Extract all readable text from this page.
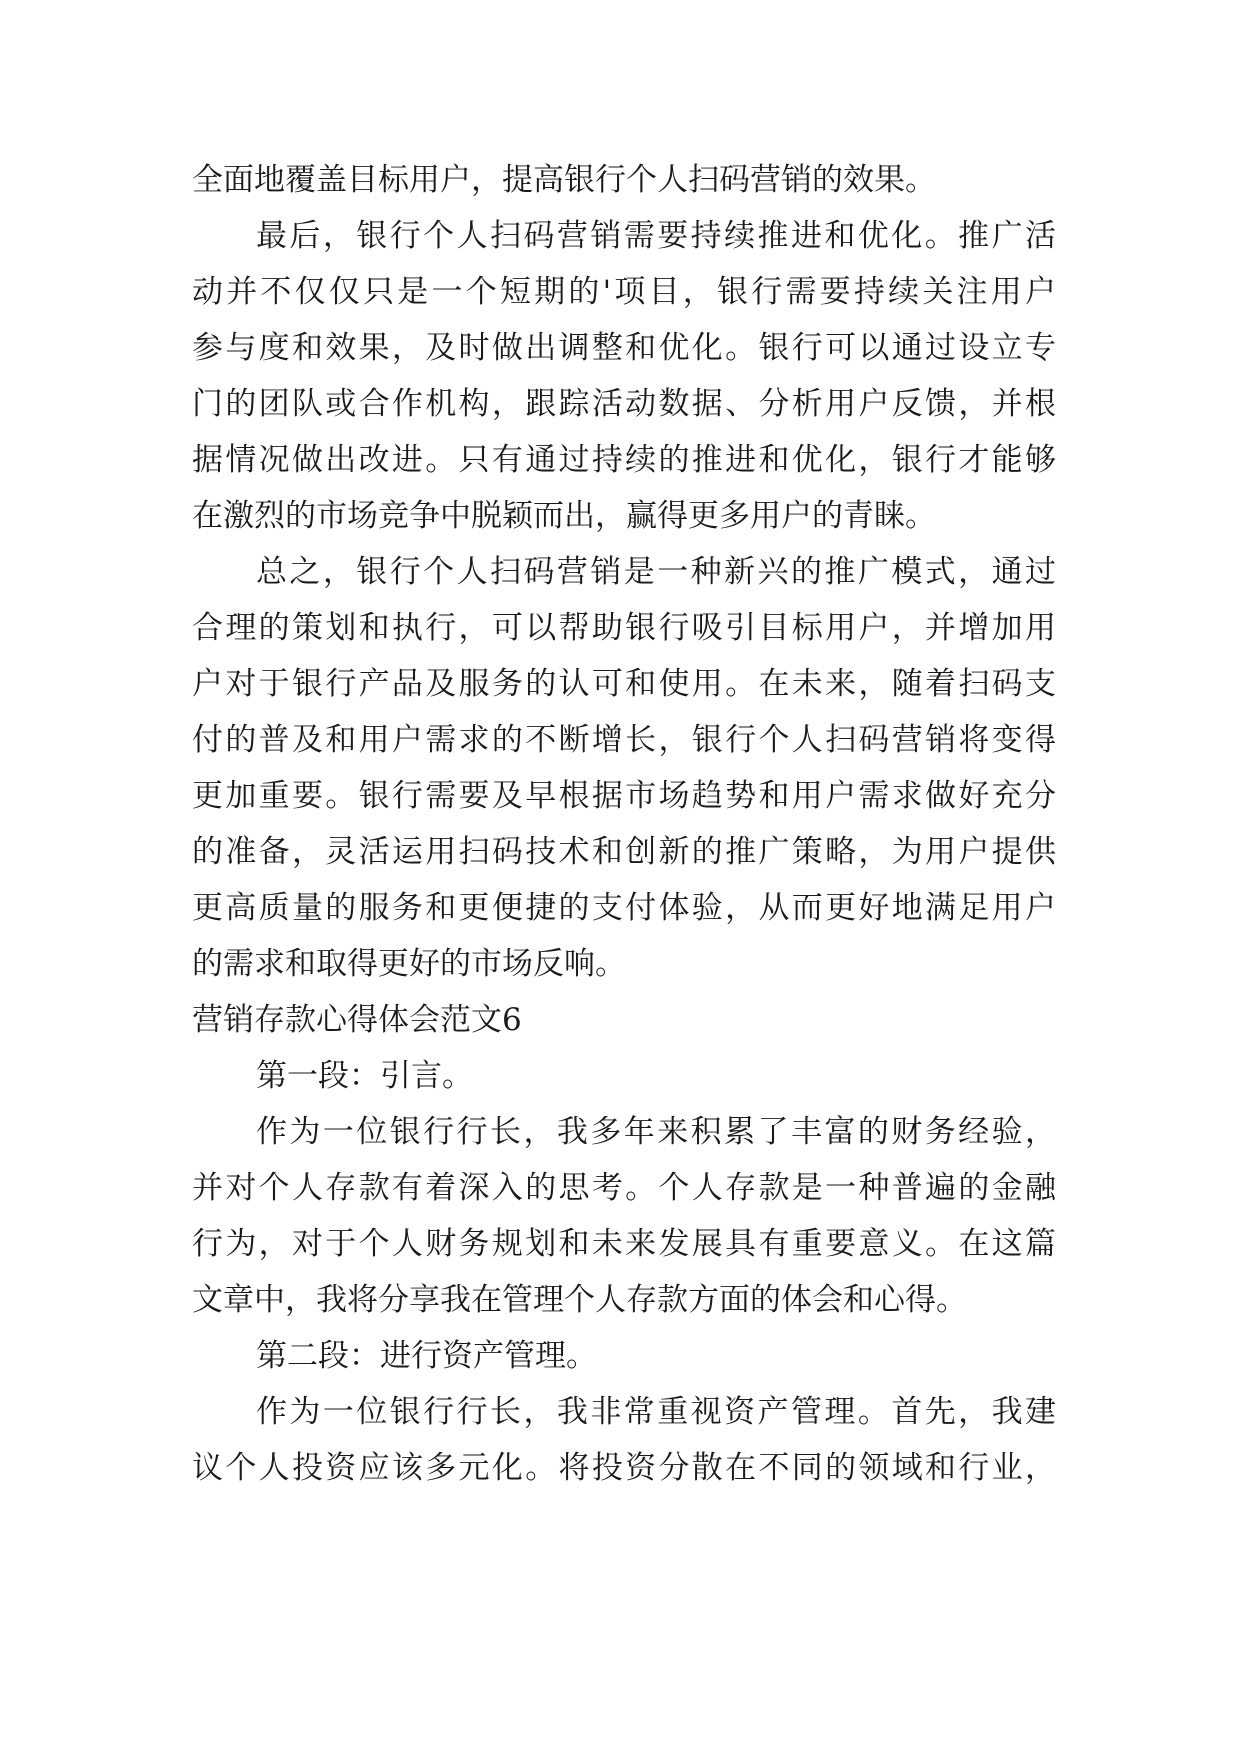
全面地覆盖目标用户，提高银行个人扫码营销的效果。
最后，银行个人扫码营销需要持续推进和优化。推广活
动并不仅仅只是一个短期的'项目，银行需要持续关注用户
参与度和效果，及时做出调整和优化。银行可以通过设立专
门的团队或合作机构，跟踪活动数据、分析用户反馈，并根
据情况做出改进。只有通过持续的推进和优化，银行才能够
在激烈的市场竞争中脱颖而出，赢得更多用户的青睐。
总之，银行个人扫码营销是一种新兴的推广模式，通过
合理的策划和执行，可以帮助银行吸引目标用户，并增加用
户对于银行产品及服务的认可和使用。在未来，随着扫码支
付的普及和用户需求的不断增长，银行个人扫码营销将变得
更加重要。银行需要及早根据市场趋势和用户需求做好充分
的准备，灵活运用扫码技术和创新的推广策略，为用户提供
更高质量的服务和更便捷的支付体验，从而更好地满足用户
的需求和取得更好的市场反响。
营销存款心得体会范文6
第一段：引言。
作为一位银行行长，我多年来积累了丰富的财务经验，
并对个人存款有着深入的思考。个人存款是一种普遍的金融
行为，对于个人财务规划和未来发展具有重要意义。在这篇
文章中，我将分享我在管理个人存款方面的体会和心得。
第二段：进行资产管理。
作为一位银行行长，我非常重视资产管理。首先，我建
议个人投资应该多元化。将投资分散在不同的领域和行业，
